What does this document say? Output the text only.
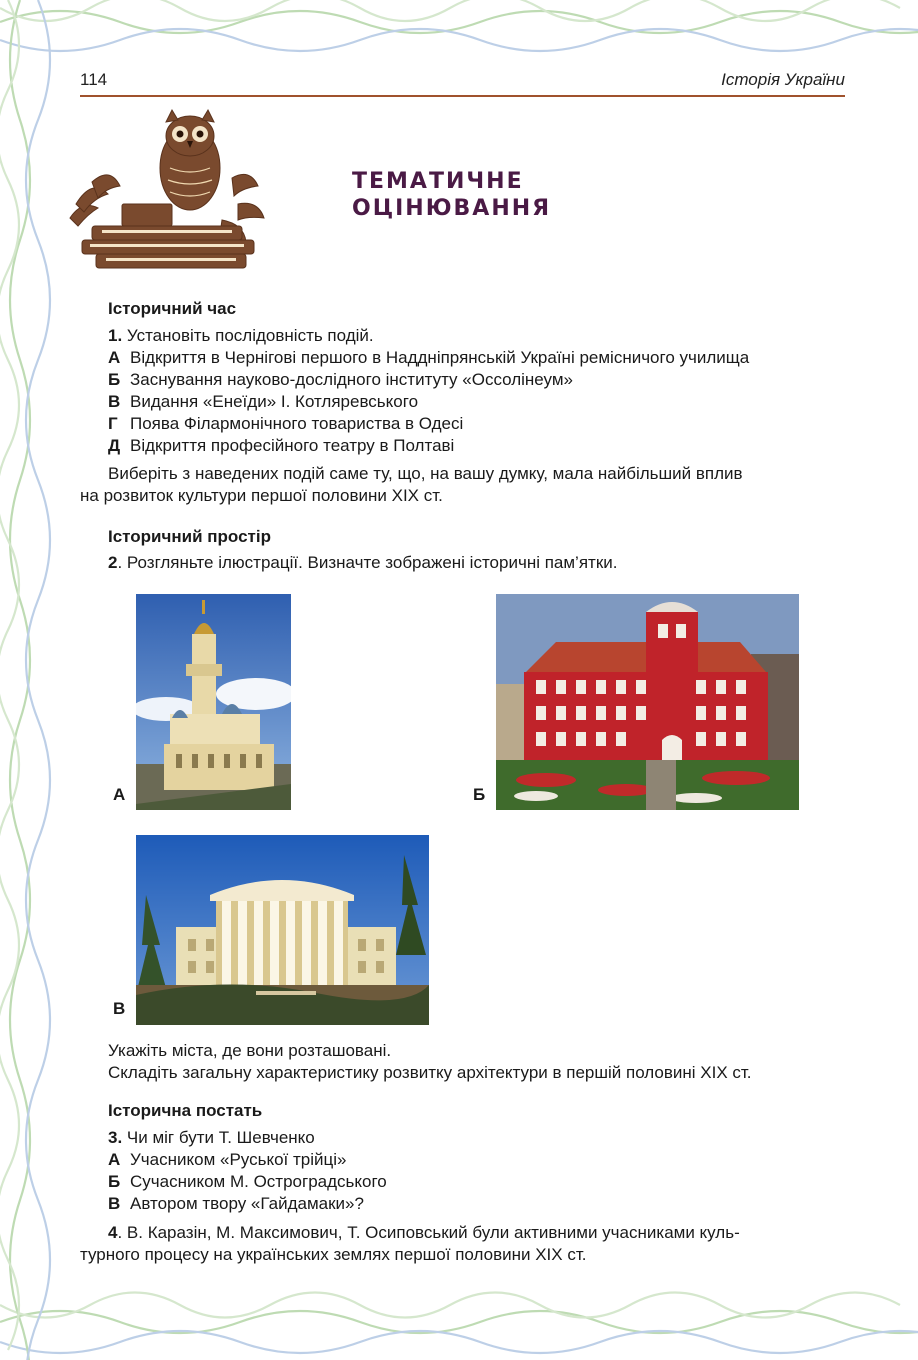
114	Історія України
ТЕМАТИЧНЕ
ОЦІНЮВАННЯ
Історичний час
1. Установіть послідовність подій.
А Відкриття в Чернігові першого в Наддніпрянській Україні ремісничого училища
Б Заснування науково-дослідного інституту «Оссолінеум»
В Видання «Енеїди» І. Котляревського
Г Поява Філармонічного товариства в Одесі
Д Відкриття професійного театру в Полтаві
Виберіть з наведених подій саме ту, що, на вашу думку, мала найбільший вплив
на розвиток культури першої половини ХІХ ст.
Історичний простір
2. Розгляньте ілюстрації. Визначте зображені історичні пам’ятки.
А	Б
В
Укажіть міста, де вони розташовані.
Складіть загальну характеристику розвитку архітектури в першій половині ХІХ ст.
Історична постать
3. Чи міг бути Т. Шевченко
А Учасником «Руської трійці»
Б Сучасником М. Остроградського
В Автором твору «Гайдамаки»?
4. В. Каразін, М. Максимович, Т. Осиповський були активними учасниками куль-
турного процесу на українських землях першої половини ХІХ ст.
